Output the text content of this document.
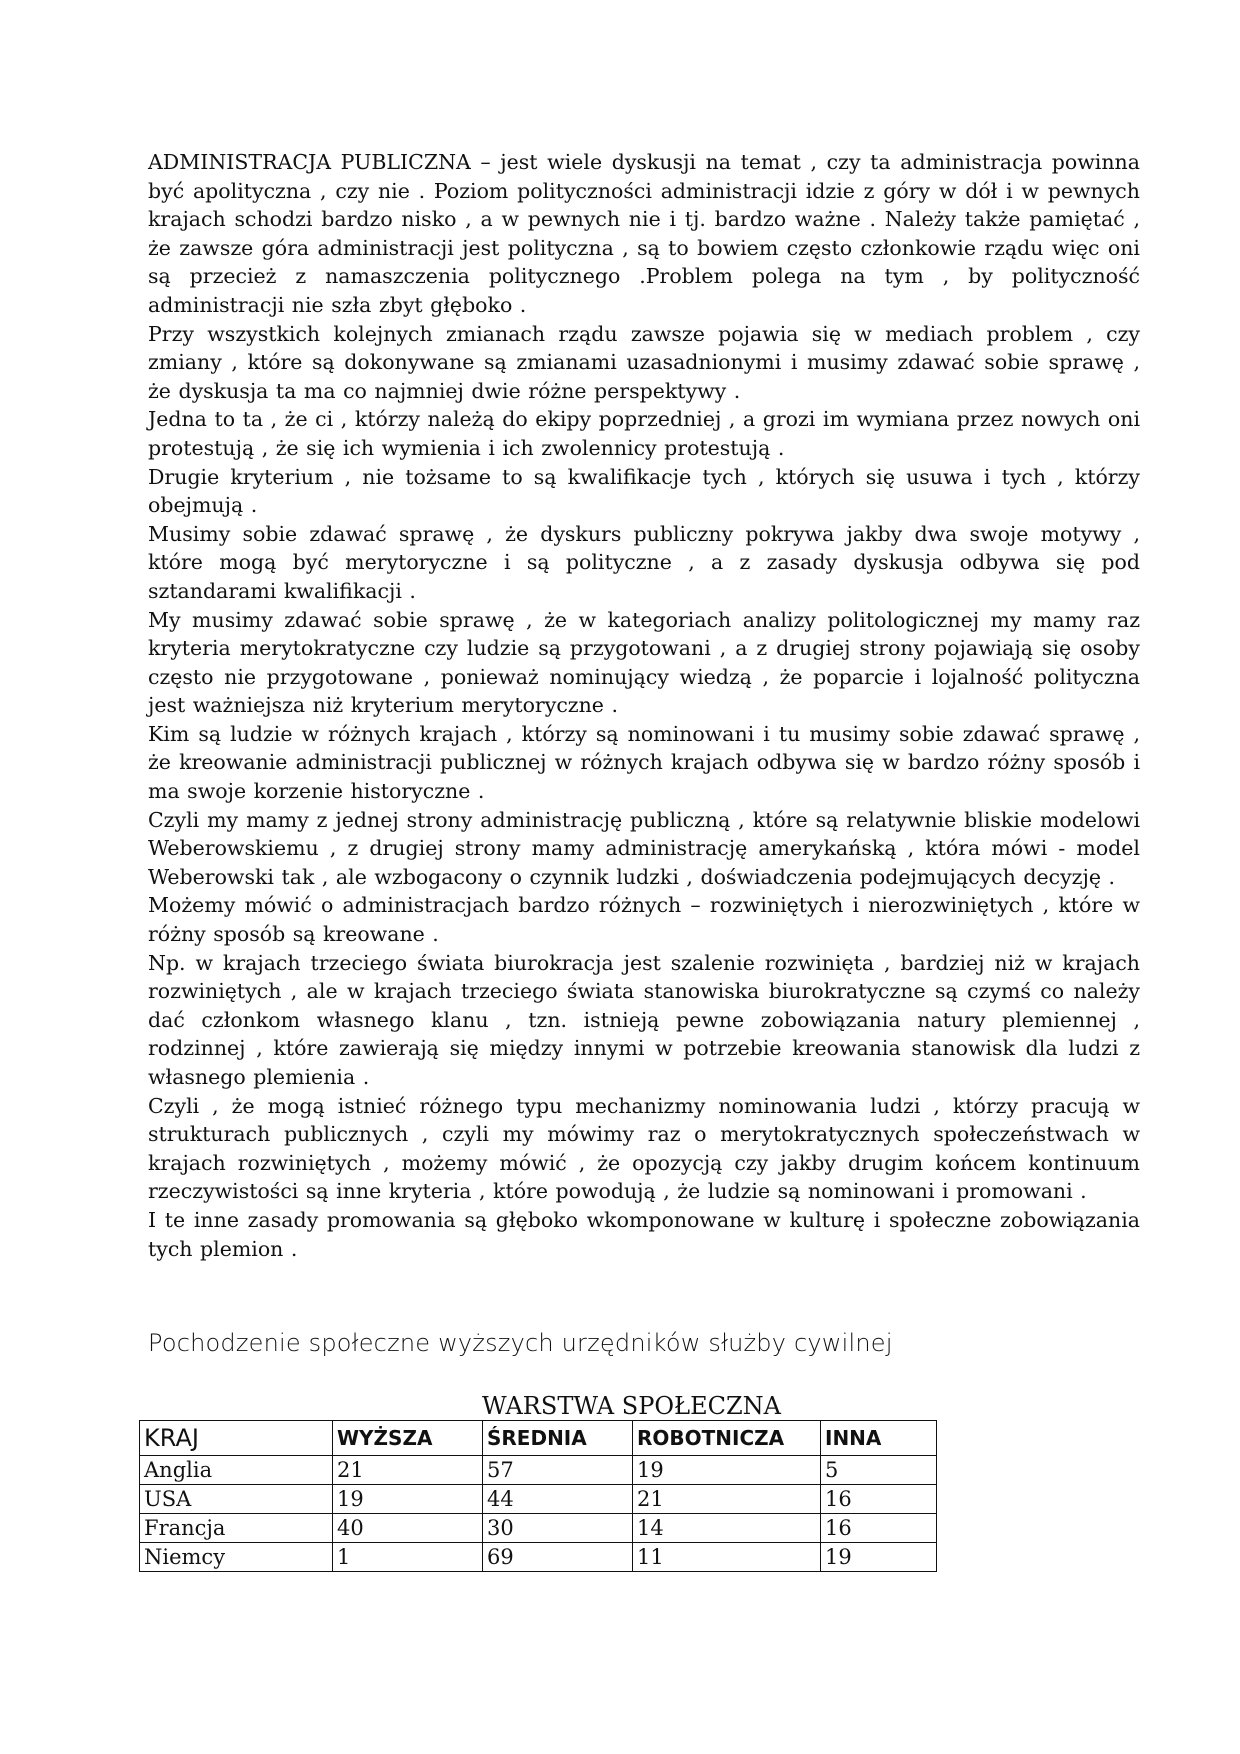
ADMINISTRACJA PUBLICZNA – jest wiele dyskusji na temat , czy ta administracja powinna być apolityczna , czy nie . Poziom polityczności administracji idzie z góry w dół i w pewnych krajach schodzi bardzo nisko , a w pewnych nie i tj. bardzo ważne . Należy także pamiętać , że zawsze góra administracji jest polityczna , są to bowiem często członkowie rządu więc oni są przecież z namaszczenia politycznego .Problem polega na tym , by polityczność administracji nie szła zbyt głęboko .

Przy wszystkich kolejnych zmianach rządu zawsze pojawia się w mediach problem , czy zmiany , które są dokonywane są zmianami uzasadnionymi i musimy zdawać sobie sprawę , że dyskusja ta ma co najmniej dwie różne perspektywy .

Jedna to ta , że ci , którzy należą do ekipy poprzedniej , a grozi im wymiana przez nowych oni protestują , że się ich wymienia i ich zwolennicy protestują .

Drugie kryterium , nie tożsame to są kwalifikacje tych , których się usuwa i tych , którzy obejmują .

Musimy sobie zdawać sprawę , że dyskurs publiczny pokrywa jakby dwa swoje motywy , które mogą być merytoryczne i są polityczne , a z zasady dyskusja odbywa się pod sztandarami kwalifikacji .

My musimy zdawać sobie sprawę , że w kategoriach analizy politologicznej my mamy raz kryteria merytokratyczne czy ludzie są przygotowani , a z drugiej strony pojawiają się osoby często nie przygotowane , ponieważ nominujący wiedzą , że poparcie i lojalność polityczna jest ważniejsza niż kryterium merytoryczne .

Kim są ludzie w różnych krajach , którzy są nominowani i tu musimy sobie zdawać sprawę , że kreowanie administracji publicznej w różnych krajach odbywa się w bardzo różny sposób i ma swoje korzenie historyczne .

Czyli my mamy z jednej strony administrację publiczną , które są relatywnie bliskie modelowi Weberowskiemu , z drugiej strony mamy administrację amerykańską , która mówi - model Weberowski tak , ale wzbogacony o czynnik ludzki , doświadczenia podejmujących decyzję .

Możemy mówić o administracjach bardzo różnych – rozwiniętych i nierozwiniętych , które w różny sposób są kreowane .

Np. w krajach trzeciego świata biurokracja jest szalenie rozwinięta , bardziej niż w krajach rozwiniętych , ale w krajach trzeciego świata stanowiska biurokratyczne są czymś co należy dać członkom własnego klanu , tzn. istnieją pewne zobowiązania natury plemiennej , rodzinnej , które zawierają się między innymi w potrzebie kreowania stanowisk dla ludzi z własnego plemienia .

Czyli , że mogą istnieć różnego typu mechanizmy nominowania ludzi , którzy pracują w strukturach publicznych , czyli my mówimy raz o merytokratycznych społeczeństwach w krajach rozwiniętych , możemy mówić , że opozycją czy jakby drugim końcem kontinuum rzeczywistości są inne kryteria , które powodują , że ludzie są nominowani i promowani .

I te inne zasady promowania są głęboko wkomponowane w kulturę i społeczne zobowiązania tych plemion .

Pochodzenie społeczne wyższych urzędników służby cywilnej
WARSTWA SPOŁECZNA
KRAJ	WYŻSZA	ŚREDNIA	ROBOTNICZA	INNA
Anglia	21	57	19	5
USA	19	44	21	16
Francja	40	30	14	16
Niemcy	1	69	11	19
